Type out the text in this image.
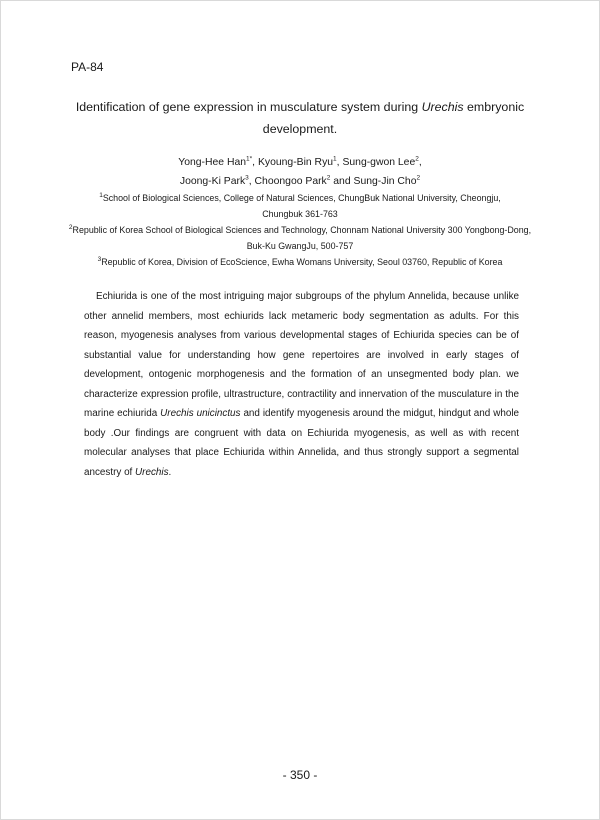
PA-84
Identification of gene expression in musculature system during Urechis embryonic development.
Yong-Hee Han$^{1*}$, Kyoung-Bin Ryu$^1$, Sung-gwon Lee$^2$,
Joong-Ki Park$^3$, Choongoo Park$^2$ and Sung-Jin Cho$^2$
$^1$School of Biological Sciences, College of Natural Sciences, ChungBuk National University, Cheongju, Chungbuk 361-763
$^2$Republic of Korea School of Biological Sciences and Technology, Chonnam National University 300 Yongbong-Dong, Buk-Ku GwangJu, 500-757
$^3$Republic of Korea, Division of EcoScience, Ewha Womans University, Seoul 03760, Republic of Korea
Echiurida is one of the most intriguing major subgroups of the phylum Annelida, because unlike other annelid members, most echiurids lack metameric body segmentation as adults. For this reason, myogenesis analyses from various developmental stages of Echiurida species can be of substantial value for understanding how gene repertoires are involved in early stages of development, ontogenic morphogenesis and the formation of an unsegmented body plan. we characterize expression profile, ultrastructure, contractility and innervation of the musculature in the marine echiurida Urechis unicinctus and identify myogenesis around the midgut, hindgut and whole body .Our findings are congruent with data on Echiurida myogenesis, as well as with recent molecular analyses that place Echiurida within Annelida, and thus strongly support a segmental ancestry of Urechis.
- 350 -
